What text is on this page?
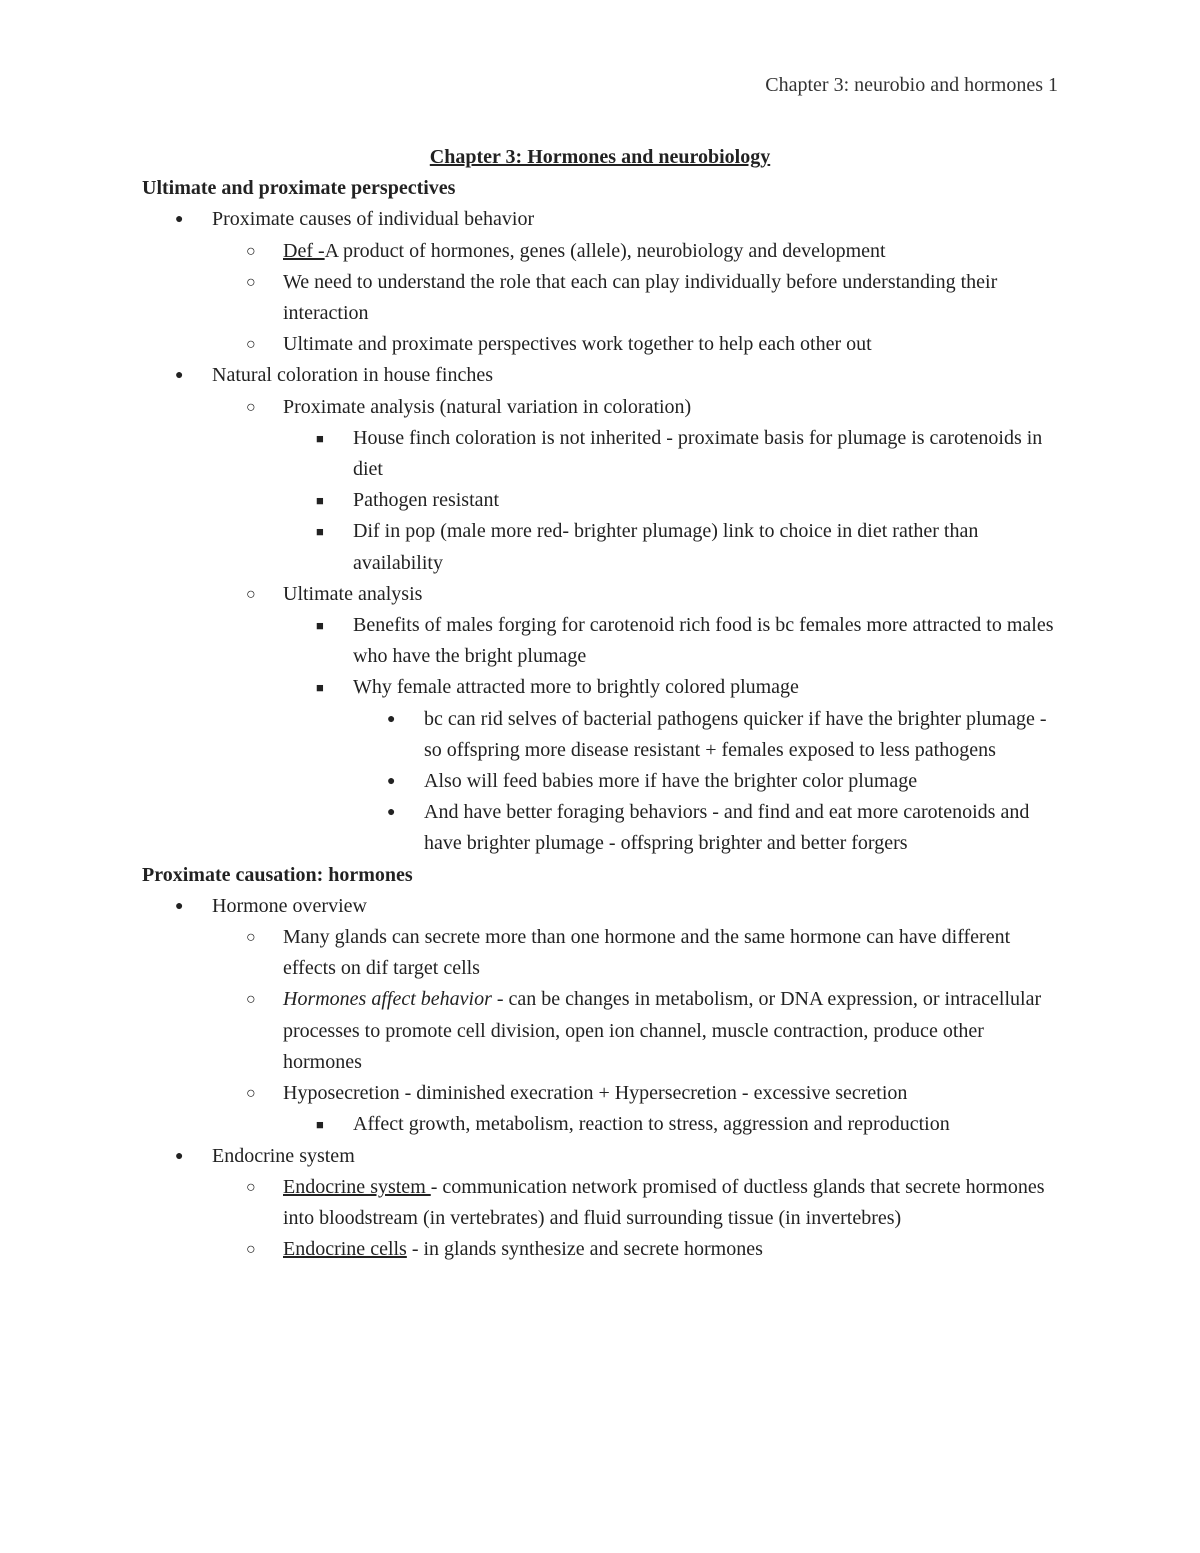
Chapter 3: neurobio and hormones 1
Chapter 3: Hormones and neurobiology
Ultimate and proximate perspectives
● Proximate causes of individual behavior
○ Def -A product of hormones, genes (allele), neurobiology and development
○ We need to understand the role that each can play individually before understanding their interaction
○ Ultimate and proximate perspectives work together to help each other out
● Natural coloration in house finches
○ Proximate analysis (natural variation in coloration)
■ House finch coloration is not inherited - proximate basis for plumage is carotenoids in diet
■ Pathogen resistant
■ Dif in pop (male more red- brighter plumage) link to choice in diet rather than availability
○ Ultimate analysis
■ Benefits of males forging for carotenoid rich food is bc females more attracted to males who have the bright plumage
■ Why female attracted more to brightly colored plumage
● bc can rid selves of bacterial pathogens quicker if have the brighter plumage - so offspring more disease resistant + females exposed to less pathogens
● Also will feed babies more if have the brighter color plumage
● And have better foraging behaviors - and find and eat more carotenoids and have brighter plumage - offspring brighter and better forgers
Proximate causation: hormones
● Hormone overview
○ Many glands can secrete more than one hormone and the same hormone can have different effects on dif target cells
○ Hormones affect behavior - can be changes in metabolism, or DNA expression, or intracellular processes to promote cell division, open ion channel, muscle contraction, produce other hormones
○ Hyposecretion - diminished execration + Hypersecretion - excessive secretion
■ Affect growth, metabolism, reaction to stress, aggression and reproduction
● Endocrine system
○ Endocrine system - communication network promised of ductless glands that secrete hormones into bloodstream (in vertebrates) and fluid surrounding tissue (in invertebres)
○ Endocrine cells - in glands synthesize and secrete hormones
